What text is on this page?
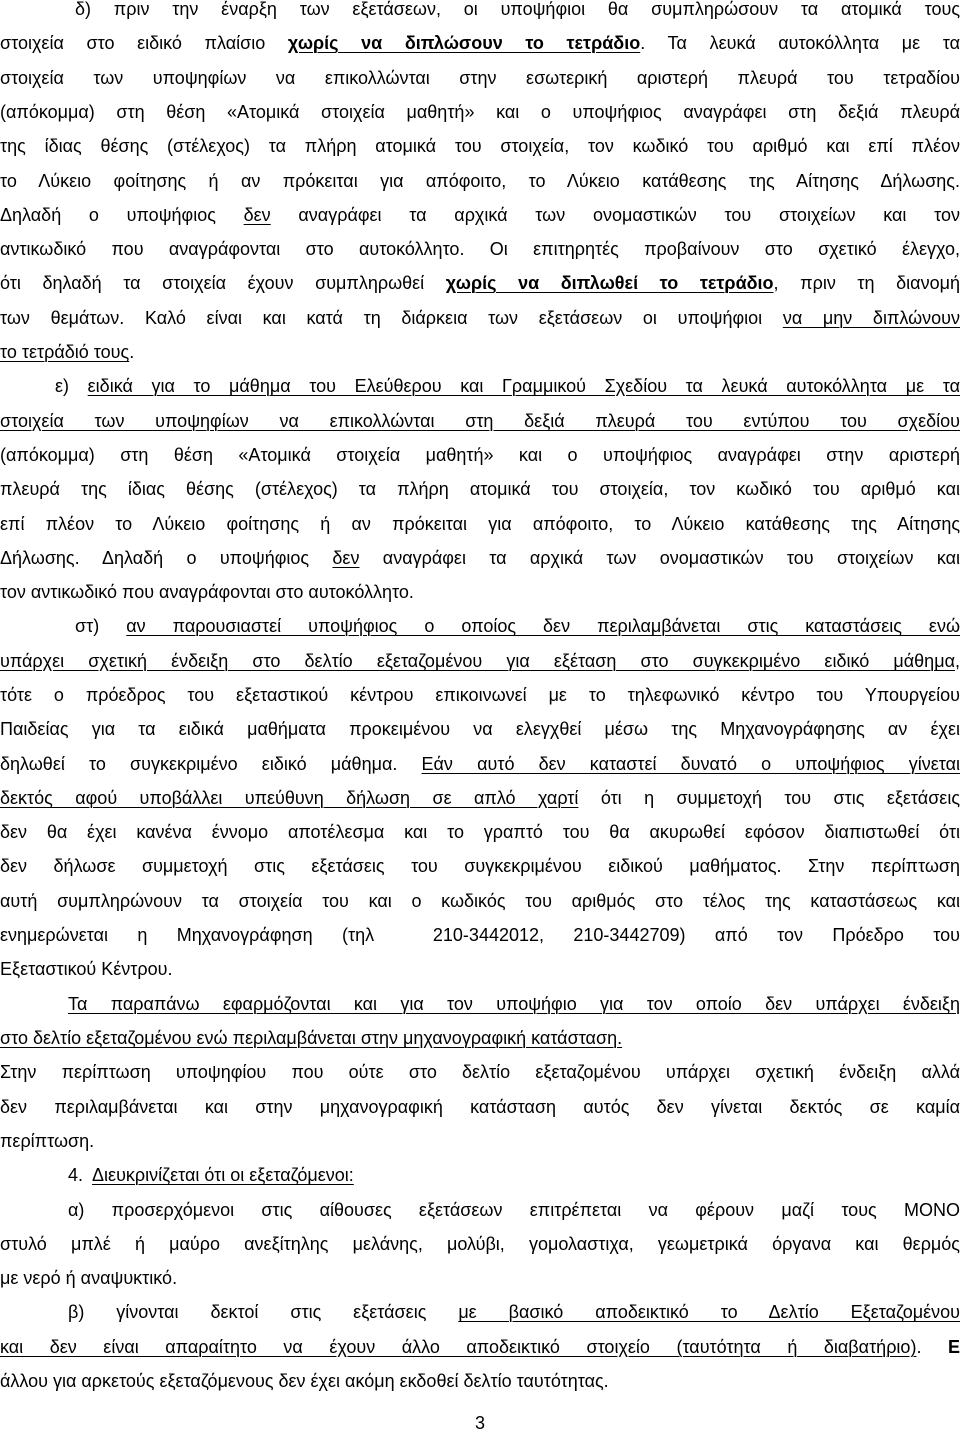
δ) πριν την έναρξη των εξετάσεων, οι υποψήφιοι θα συμπληρώσουν τα ατομικά τους
στοιχεία στο ειδικό πλαίσιο χωρίς να διπλώσουν το τετράδιο. Τα λευκά αυτοκόλλητα με τα
στοιχεία των υποψηφίων να επικολλώνται στην εσωτερική αριστερή πλευρά του τετραδίου
(απόκομμα) στη θέση «Ατομικά στοιχεία μαθητή» και ο υποψήφιος αναγράφει στη δεξιά πλευρά
της ίδιας θέσης (στέλεχος) τα πλήρη ατομικά του στοιχεία, τον κωδικό του αριθμό και επί πλέον
το Λύκειο φοίτησης ή αν πρόκειται για απόφοιτο, το Λύκειο κατάθεσης της Αίτησης Δήλωσης.
Δηλαδή ο υποψήφιος δεν αναγράφει τα αρχικά των ονομαστικών του στοιχείων και τον
αντικωδικό που αναγράφονται στο αυτοκόλλητο. Οι επιτηρητές προβαίνουν στο σχετικό έλεγχο,
ότι δηλαδή τα στοιχεία έχουν συμπληρωθεί χωρίς να διπλωθεί το τετράδιο, πριν τη διανομή
των θεμάτων. Καλό είναι και κατά τη διάρκεια των εξετάσεων οι υποψήφιοι να μην διπλώνουν
το τετράδιό τους.
ε) ειδικά για το μάθημα του Ελεύθερου και Γραμμικού Σχεδίου τα λευκά αυτοκόλλητα με τα
στοιχεία των υποψηφίων να επικολλώνται στη δεξιά πλευρά του εντύπου του σχεδίου
(απόκομμα) στη θέση «Ατομικά στοιχεία μαθητή» και ο υποψήφιος αναγράφει στην αριστερή
πλευρά της ίδιας θέσης (στέλεχος) τα πλήρη ατομικά του στοιχεία, τον κωδικό του αριθμό και
επί πλέον το Λύκειο φοίτησης ή αν πρόκειται για απόφοιτο, το Λύκειο κατάθεσης της Αίτησης
Δήλωσης. Δηλαδή ο υποψήφιος δεν αναγράφει τα αρχικά των ονομαστικών του στοιχείων και
τον αντικωδικό που αναγράφονται στο αυτοκόλλητο.
στ) αν παρουσιαστεί υποψήφιος ο οποίος δεν περιλαμβάνεται στις καταστάσεις ενώ
υπάρχει σχετική ένδειξη στο δελτίο εξεταζομένου για εξέταση στο συγκεκριμένο ειδικό μάθημα,
τότε ο πρόεδρος του εξεταστικού κέντρου επικοινωνεί με το τηλεφωνικό κέντρο του Υπουργείου
Παιδείας για τα ειδικά μαθήματα προκειμένου να ελεγχθεί μέσω της Μηχανογράφησης αν έχει
δηλωθεί το συγκεκριμένο ειδικό μάθημα. Εάν αυτό δεν καταστεί δυνατό ο υποψήφιος γίνεται
δεκτός αφού υποβάλλει υπεύθυνη δήλωση σε απλό χαρτί ότι η συμμετοχή του στις εξετάσεις
δεν θα έχει κανένα έννομο αποτέλεσμα και το γραπτό του θα ακυρωθεί εφόσον διαπιστωθεί ότι
δεν δήλωσε συμμετοχή στις εξετάσεις του συγκεκριμένου ειδικού μαθήματος. Στην περίπτωση
αυτή συμπληρώνουν τα στοιχεία του και ο κωδικός του αριθμός στο τέλος της καταστάσεως και
ενημερώνεται η Μηχανογράφηση (τηλ  210-3442012, 210-3442709) από τον Πρόεδρο του
Εξεταστικού Κέντρου.
Τα παραπάνω εφαρμόζονται και για τον υποψήφιο για τον οποίο δεν υπάρχει ένδειξη
στο δελτίο εξεταζομένου ενώ περιλαμβάνεται στην μηχανογραφική κατάσταση.
Στην περίπτωση υποψηφίου που ούτε στο δελτίο εξεταζομένου υπάρχει σχετική ένδειξη αλλά
δεν περιλαμβάνεται και στην μηχανογραφική κατάσταση αυτός δεν γίνεται δεκτός σε καμία
περίπτωση.
4.  Διευκρινίζεται ότι οι εξεταζόμενοι:
α) προσερχόμενοι στις αίθουσες εξετάσεων επιτρέπεται να φέρουν μαζί τους ΜΟΝΟ
στυλό μπλέ ή μαύρο ανεξίτηλης μελάνης, μολύβι, γομολαστιχα, γεωμετρικά όργανα και θερμός
με νερό ή αναψυκτικό.
β) γίνονται δεκτοί στις εξετάσεις με βασικό αποδεικτικό το Δελτίο Εξεταζομένου
και δεν είναι απαραίτητο να έχουν άλλο αποδεικτικό στοιχείο (ταυτότητα ή διαβατήριο). Ε
άλλου για αρκετούς εξεταζόμενους δεν έχει ακόμη εκδοθεί δελτίο ταυτότητας.
3
